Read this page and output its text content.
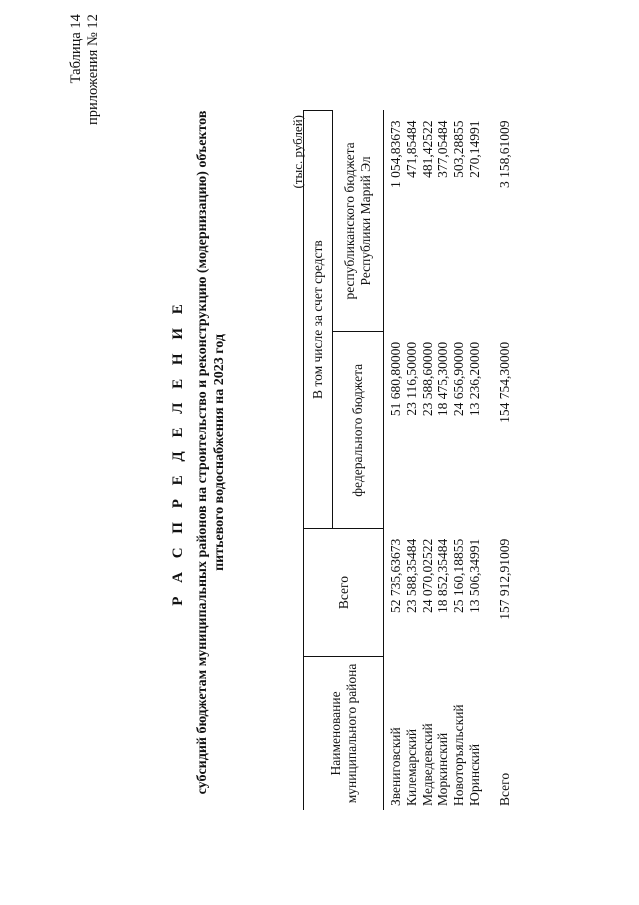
Таблица 14 приложения № 12
Р А С П Р Е Д Е Л Е Н И Е субсидий бюджетам муниципальных районов на строительство и реконструкцию (модернизацию) объектов питьевого водоснабжения на 2023 год
(тыс. рублей)
Наименование муниципального района	Всего	В том числе за счет средств	
		федерального бюджета	республиканского бюджета Республики Марий Эл
Звениговский	52 735,63673	51 680,80000	1 054,83673
Килемарский	23 588,35484	23 116,50000	471,85484
Медведевский	24 070,02522	23 588,60000	481,42522
Моркинский	18 852,35484	18 475,30000	377,05484
Новоторъяльский	25 160,18855	24 656,90000	503,28855
Юринский	13 506,34991	13 236,20000	270,14991
Всего	157 912,91009	154 754,30000	3 158,61009
